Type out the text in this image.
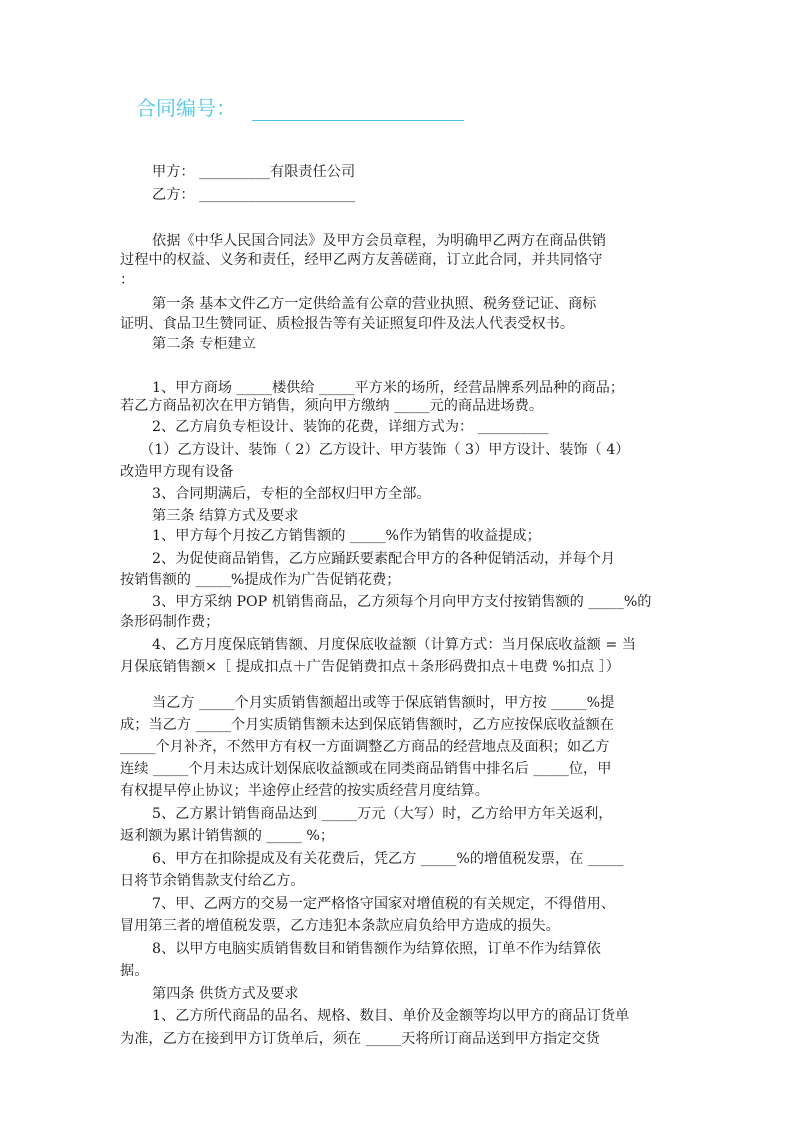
合同编号：
甲方： __________有限责任公司
乙方： ______________________
依据《中华人民国合同法》及甲方会员章程，为明确甲乙两方在商品供销
过程中的权益、义务和责任，经甲乙两方友善磋商，订立此合同，并共同恪守
：
第一条 基本文件乙方一定供给盖有公章的营业执照、税务登记证、商标
证明、食品卫生赞同证、质检报告等有关证照复印件及法人代表受权书。
第二条 专柜建立
1、甲方商场 _____楼供给 _____平方米的场所，经营品牌系列品种的商品；
若乙方商品初次在甲方销售，须向甲方缴纳 _____元的商品进场费。
2、乙方肩负专柜设计、装饰的花费，详细方式为： __________
（1）乙方设计、装饰（ 2）乙方设计、甲方装饰（ 3）甲方设计、装饰（ 4）
改造甲方现有设备
3、合同期满后，专柜的全部权归甲方全部。
第三条 结算方式及要求
1、甲方每个月按乙方销售额的 _____%作为销售的收益提成；
2、为促使商品销售，乙方应踊跃要素配合甲方的各种促销活动，并每个月
按销售额的 _____%提成作为广告促销花费；
3、甲方采纳 POP 机销售商品，乙方须每个月向甲方支付按销售额的 _____%的
条形码制作费；
4、乙方月度保底销售额、月度保底收益额（计算方式：当月保底收益额 = 当
月保底销售额×［ 提成扣点＋广告促销费扣点＋条形码费扣点＋电费 %扣点 ］）
当乙方 _____个月实质销售额超出或等于保底销售额时，甲方按 _____%提
成；当乙方 _____个月实质销售额未达到保底销售额时，乙方应按保底收益额在
_____个月补齐，不然甲方有权一方面调整乙方商品的经营地点及面积；如乙方
连续 _____个月未达成计划保底收益额或在同类商品销售中排名后 _____位，甲
有权提早停止协议；半途停止经营的按实质经营月度结算。
5、乙方累计销售商品达到 _____万元（大写）时，乙方给甲方年关返利，
返利额为累计销售额的 _____ %；
6、甲方在扣除提成及有关花费后，凭乙方 _____%的增值税发票，在 _____
日将节余销售款支付给乙方。
7、甲、乙两方的交易一定严格恪守国家对增值税的有关规定，不得借用、
冒用第三者的增值税发票，乙方违犯本条款应肩负给甲方造成的损失。
8、以甲方电脑实质销售数目和销售额作为结算依照，订单不作为结算依
据。
第四条 供货方式及要求
1、乙方所代商品的品名、规格、数目、单价及金额等均以甲方的商品订货单
为准，乙方在接到甲方订货单后，须在 _____天将所订商品送到甲方指定交货
